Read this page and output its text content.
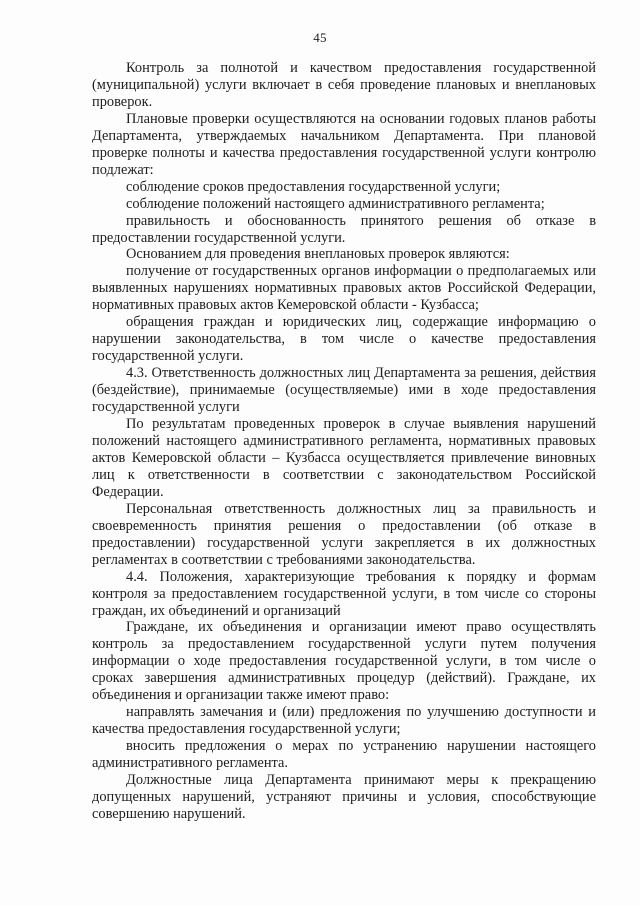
45

Контроль за полнотой и качеством предоставления государственной (муниципальной) услуги включает в себя проведение плановых и внеплановых проверок.

Плановые проверки осуществляются на основании годовых планов работы Департамента, утверждаемых начальником Департамента. При плановой проверке полноты и качества предоставления государственной услуги контролю подлежат:

соблюдение сроков предоставления государственной услуги;

соблюдение положений настоящего административного регламента;

правильность и обоснованность принятого решения об отказе в предоставлении государственной услуги.

Основанием для проведения внеплановых проверок являются:

получение от государственных органов информации о предполагаемых или выявленных нарушениях нормативных правовых актов Российской Федерации, нормативных правовых актов Кемеровской области - Кузбасса;

обращения граждан и юридических лиц, содержащие информацию о нарушении законодательства, в том числе о качестве предоставления государственной услуги.

4.3. Ответственность должностных лиц Департамента за решения, действия (бездействие), принимаемые (осуществляемые) ими в ходе предоставления государственной услуги

По результатам проведенных проверок в случае выявления нарушений положений настоящего административного регламента, нормативных правовых актов Кемеровской области – Кузбасса осуществляется привлечение виновных лиц к ответственности в соответствии с законодательством Российской Федерации.

Персональная ответственность должностных лиц за правильность и своевременность принятия решения о предоставлении (об отказе в предоставлении) государственной услуги закрепляется в их должностных регламентах в соответствии с требованиями законодательства.

4.4. Положения, характеризующие требования к порядку и формам контроля за предоставлением государственной услуги, в том числе со стороны граждан, их объединений и организаций

Граждане, их объединения и организации имеют право осуществлять контроль за предоставлением государственной услуги путем получения информации о ходе предоставления государственной услуги, в том числе о сроках завершения административных процедур (действий). Граждане, их объединения и организации также имеют право:

направлять замечания и (или) предложения по улучшению доступности и качества предоставления государственной услуги;

вносить предложения о мерах по устранению нарушении настоящего административного регламента.

Должностные лица Департамента принимают меры к прекращению допущенных нарушений, устраняют причины и условия, способствующие совершению нарушений.
